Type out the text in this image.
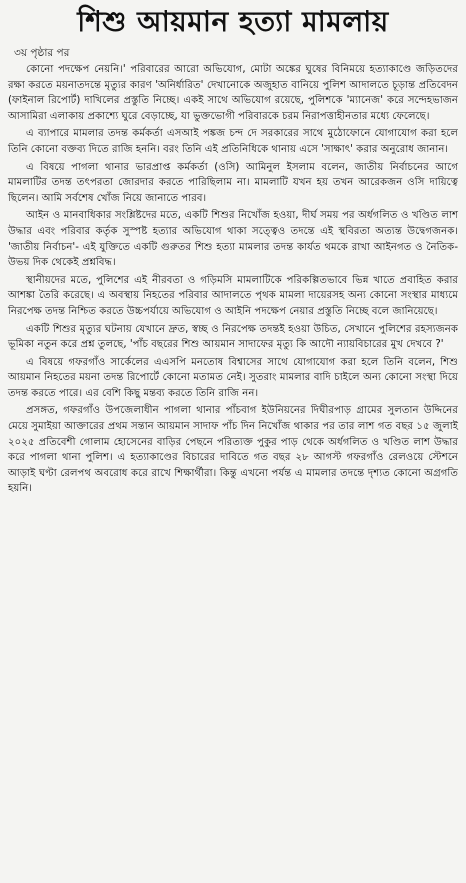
শিশু আয়মান হত্যা মামলায়
৩য় পৃষ্ঠার পর

কোনো পদক্ষেপ নেয়নি।' পরিবারের আরো অভিযোগ, মোটা অঙ্কের ঘুষের বিনিময়ে হত্যাকাণ্ডে জড়িতদের রক্ষা করতে ময়নাতদন্তে মৃত্যুর কারণ 'অনির্ধারিত' দেখানোকে অজুহাত বানিয়ে পুলিশ আদালতে চূড়ান্ত প্রতিবেদন (ফাইনাল রিপোর্ট) দাখিলের প্রস্তুতি নিচ্ছে। একই সাথে অভিযোগ রয়েছে, পুলিশকে 'ম্যানেজ' করে সন্দেহভাজন আসামিরা এলাকায় প্রকাশ্যে ঘুরে বেড়াচ্ছে, যা ভুক্তভোগী পরিবারকে চরম নিরাপত্তাহীনতার মধ্যে ফেলেছে।

এ ব্যাপারে মামলার তদন্ত কর্মকর্তা এসআই পঙ্কজ চন্দ দে সরকারের সাথে মুঠোফোনে যোগাযোগ করা হলে তিনি কোনো বক্তব্য দিতে রাজি হননি। বরং তিনি এই প্রতিনিধিকে থানায় এসে 'সাক্ষাৎ' করার অনুরোধ জানান।

এ বিষয়ে পাগলা থানার ভারপ্রাপ্ত কর্মকর্তা (ওসি) আমিনুল ইসলাম বলেন, জাতীয় নির্বাচনের আগে মামলাটির তদন্ত তৎপরতা জোরদার করতে পারিছিলাম না। মামলাটি যখন হয় তখন আরেকজন ওসি দায়িত্বে ছিলেন। আমি সর্বশেষ খোঁজ নিয়ে জানাতে পারব।

আইন ও মানবাধিকার সংশ্লিষ্টদের মতে, একটি শিশুর নিখোঁজ হওয়া, দীর্ঘ সময় পর অর্ধগলিত ও খণ্ডিত লাশ উদ্ধার এবং পরিবার কর্তৃক সুস্পষ্ট হত্যার অভিযোগ থাকা সত্ত্বেও তদন্তে এই স্থবিরতা অত্যন্ত উদ্বেগজনক। 'জাতীয় নির্বাচন'- এই যুক্তিতে একটি গুরুতর শিশু হত্যা মামলার তদন্ত কার্যত থমকে রাখা আইনগত ও নৈতিক- উভয় দিক থেকেই প্রশ্নবিদ্ধ।

স্থানীয়দের মতে, পুলিশের এই নীরবতা ও গড়িমসি মামলাটিকে পরিকল্পিতভাবে ভিন্ন খাতে প্রবাহিত করার আশঙ্কা তৈরি করেছে। এ অবস্থায় নিহতের পরিবার আদালতে পৃথক মামলা দায়েরসহ অন্য কোনো সংস্থার মাধ্যমে নিরপেক্ষ তদন্ত নিশ্চিত করতে উচ্চপর্যায়ে অভিযোগ ও আইনি পদক্ষেপ নেয়ার প্রস্তুতি নিচ্ছে বলে জানিয়েছে।

একটি শিশুর মৃত্যুর ঘটনায় যেখানে দ্রুত, স্বচ্ছ ও নিরপেক্ষ তদন্তই হওয়া উচিত, সেখানে পুলিশের রহস্যজনক ভূমিকা নতুন করে প্রশ্ন তুলছে, 'পাঁচ বছরের শিশু আয়মান সাদাফের মৃত্যু কি আদৌ ন্যায়বিচারের মুখ দেখবে ?'

এ বিষয়ে গফরগাঁও সার্কেলের এএসপি মনতোষ বিশ্বাসের সাথে যোগাযোগ করা হলে তিনি বলেন, শিশু আয়মান নিহতের ময়না তদন্ত রিপোর্টে কোনো মতামত নেই। সুতরাং মামলার বাদি চাইলে অন্য কোনো সংস্থা দিয়ে তদন্ত করতে পারে। এর বেশি কিছু মন্তব্য করতে তিনি রাজি নন।

প্রসঙ্গত, গফরগাঁও উপজেলাধীন পাগলা থানার পাঁচবাগ ইউনিয়নের দিঘীরপাড় গ্রামের সুলতান উদ্দিনের মেয়ে সুমাইয়া আক্তারের প্রথম সন্তান আয়মান সাদাফ পাঁচ দিন নিখোঁজ থাকার পর তার লাশ গত বছর ১৫ জুলাই ২০২৫ প্রতিবেশী গোলাম হোসেনের বাড়ির পেছনে পরিত্যক্ত পুকুর পাড় থেকে অর্ধগলিত ও খণ্ডিত লাশ উদ্ধার করে পাগলা থানা পুলিশ। এ হত্যাকাণ্ডের বিচারের দাবিতে গত বছর ২৮ আগস্ট গফরগাঁও রেলওয়ে স্টেশনে আড়াই ঘণ্টা রেলপথ অবরোধ করে রাখে শিক্ষার্থীরা। কিন্তু এখনো পর্যন্ত এ মামলার তদন্তে দৃশ্যত কোনো অগ্রগতি হয়নি।
